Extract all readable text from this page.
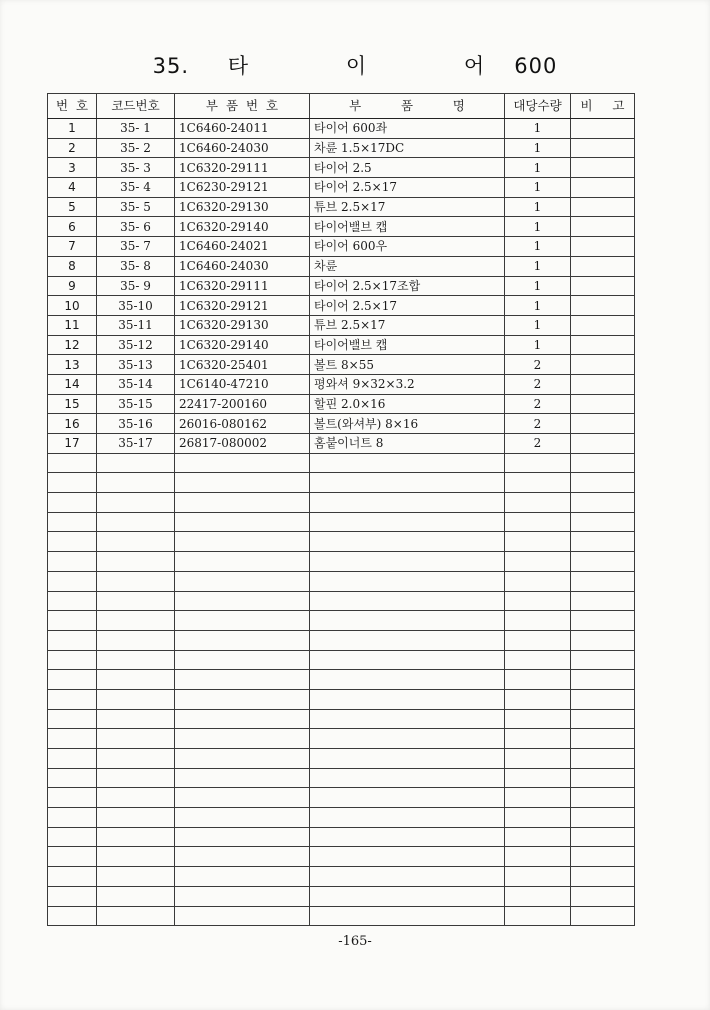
35. 타	이	어 600
번  호	코드번호	부  품  번  호	부          품          명	대당수량	비     고
1	35- 1	1C6460-24011	타이어 600좌	1	
2	35- 2	1C6460-24030	차륜 1.5×17DC	1	
3	35- 3	1C6320-29111	타이어 2.5	1	
4	35- 4	1C6230-29121	타이어 2.5×17	1	
5	35- 5	1C6320-29130	튜브 2.5×17	1	
6	35- 6	1C6320-29140	타이어밸브 캡	1	
7	35- 7	1C6460-24021	타이어 600우	1	
8	35- 8	1C6460-24030	차륜	1	
9	35- 9	1C6320-29111	타이어 2.5×17조합	1	
10	35-10	1C6320-29121	타이어 2.5×17	1	
11	35-11	1C6320-29130	튜브 2.5×17	1	
12	35-12	1C6320-29140	타이어밸브 캡	1	
13	35-13	1C6320-25401	볼트 8×55	2	
14	35-14	1C6140-47210	평와셔 9×32×3.2	2	
15	35-15	22417-200160	할핀 2.0×16	2	
16	35-16	26016-080162	볼트(와셔부) 8×16	2	
17	35-17	26817-080002	홈붙이너트 8	2	

-165-
